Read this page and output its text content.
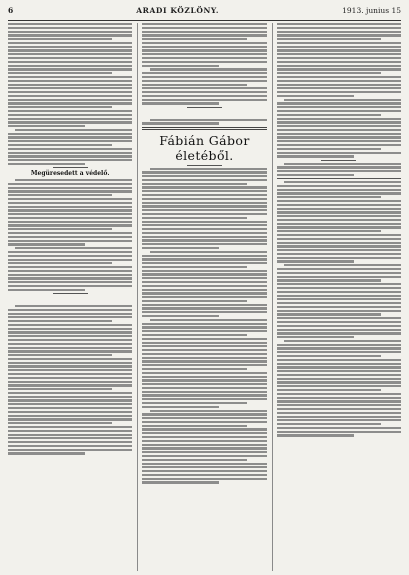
6	ARADI KÖZLÖNY.	1913. junius 15
Megüresedett a védelő.
Fábián Gábor életéből.
